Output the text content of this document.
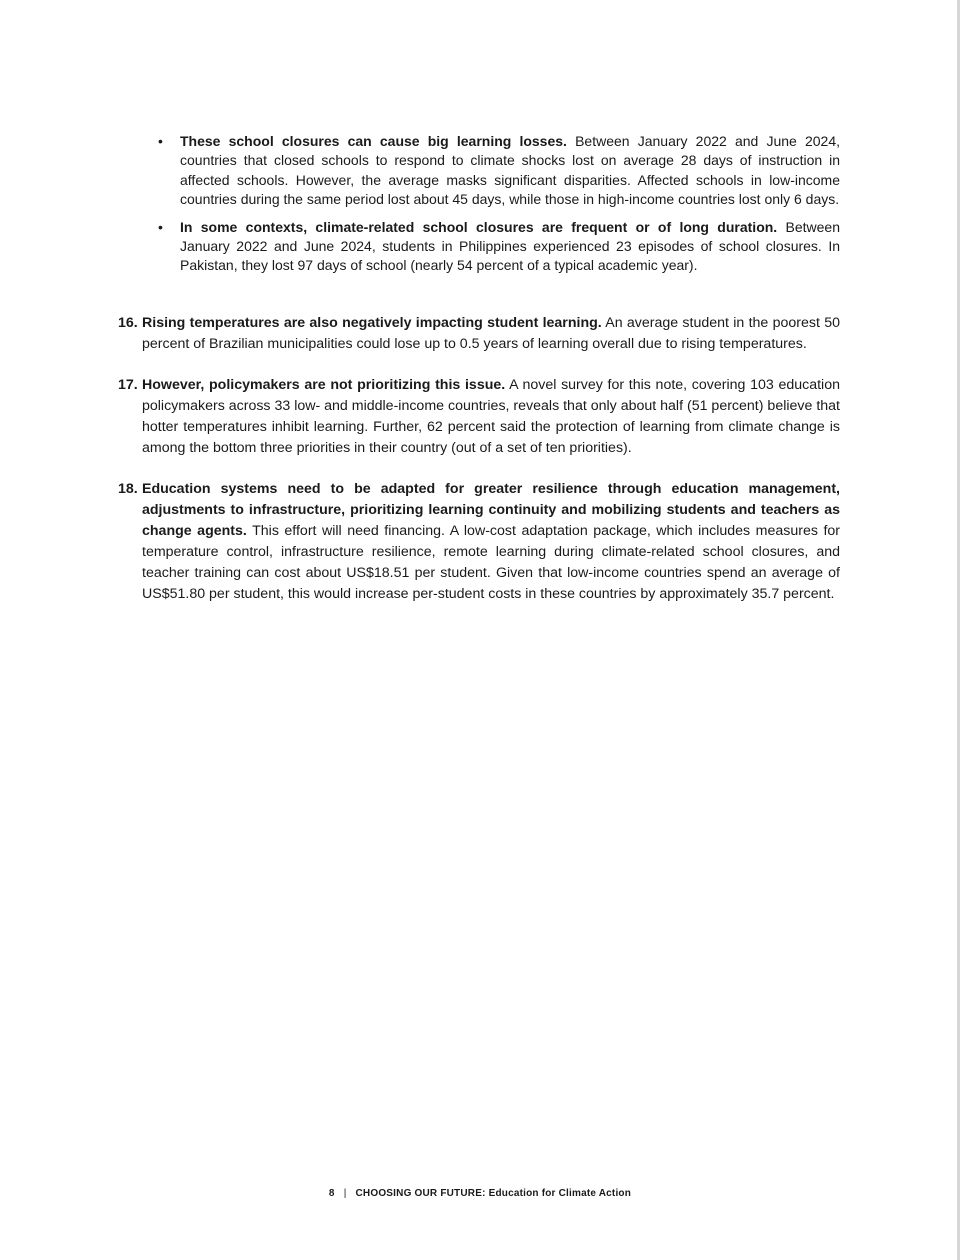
• These school closures can cause big learning losses. Between January 2022 and June 2024, countries that closed schools to respond to climate shocks lost on average 28 days of instruction in affected schools. However, the average masks significant disparities. Affected schools in low-income countries during the same period lost about 45 days, while those in high-income countries lost only 6 days.
• In some contexts, climate-related school closures are frequent or of long duration. Between January 2022 and June 2024, students in Philippines experienced 23 episodes of school closures. In Pakistan, they lost 97 days of school (nearly 54 percent of a typical academic year).
16. Rising temperatures are also negatively impacting student learning. An average student in the poorest 50 percent of Brazilian municipalities could lose up to 0.5 years of learning overall due to rising temperatures.
17. However, policymakers are not prioritizing this issue. A novel survey for this note, covering 103 education policymakers across 33 low- and middle-income countries, reveals that only about half (51 percent) believe that hotter temperatures inhibit learning. Further, 62 percent said the protection of learning from climate change is among the bottom three priorities in their country (out of a set of ten priorities).
18. Education systems need to be adapted for greater resilience through education management, adjustments to infrastructure, prioritizing learning continuity and mobilizing students and teachers as change agents. This effort will need financing. A low-cost adaptation package, which includes measures for temperature control, infrastructure resilience, remote learning during climate-related school closures, and teacher training can cost about US$18.51 per student. Given that low-income countries spend an average of US$51.80 per student, this would increase per-student costs in these countries by approximately 35.7 percent.
8 | CHOOSING OUR FUTURE: Education for Climate Action
